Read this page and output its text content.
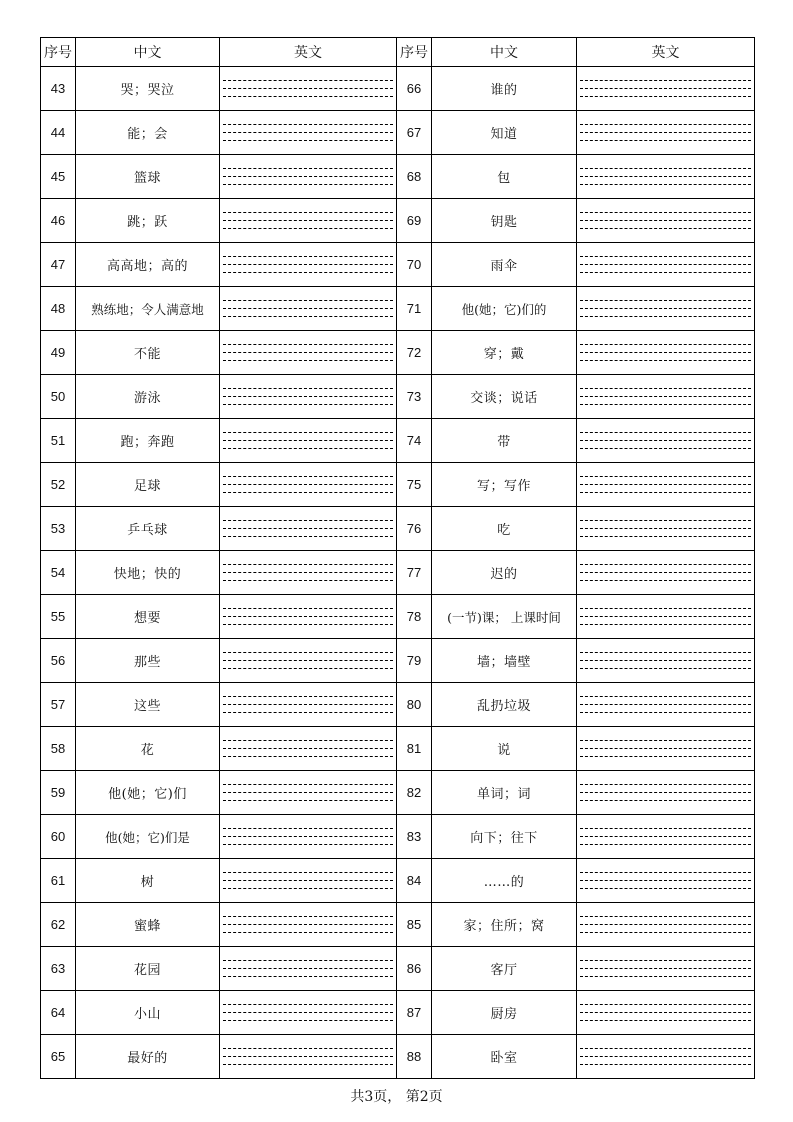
序号	中文	英文	序号	中文	英文
43	哭；哭泣		66	谁的	

44	能；会		67	知道	

45	篮球		68	包	

46	跳；跃		69	钥匙	

47	高高地；高的		70	雨伞	

48	熟练地；令人满意地		71	他(她；它)们的	

49	不能		72	穿；戴	

50	游泳		73	交谈；说话	

51	跑；奔跑		74	带	

52	足球		75	写；写作	

53	乒乓球		76	吃	

54	快地；快的		77	迟的	

55	想要		78	(一节)课； 上课时间	

56	那些		79	墙；墙壁	

57	这些		80	乱扔垃圾	

58	花		81	说	

59	他(她；它)们		82	单词；词	

60	他(她；它)们是		83	向下；往下	

61	树		84	……的	

62	蜜蜂		85	家；住所；窝	

63	花园		86	客厅	

64	小山		87	厨房	

65	最好的		88	卧室	
共3页， 第2页
